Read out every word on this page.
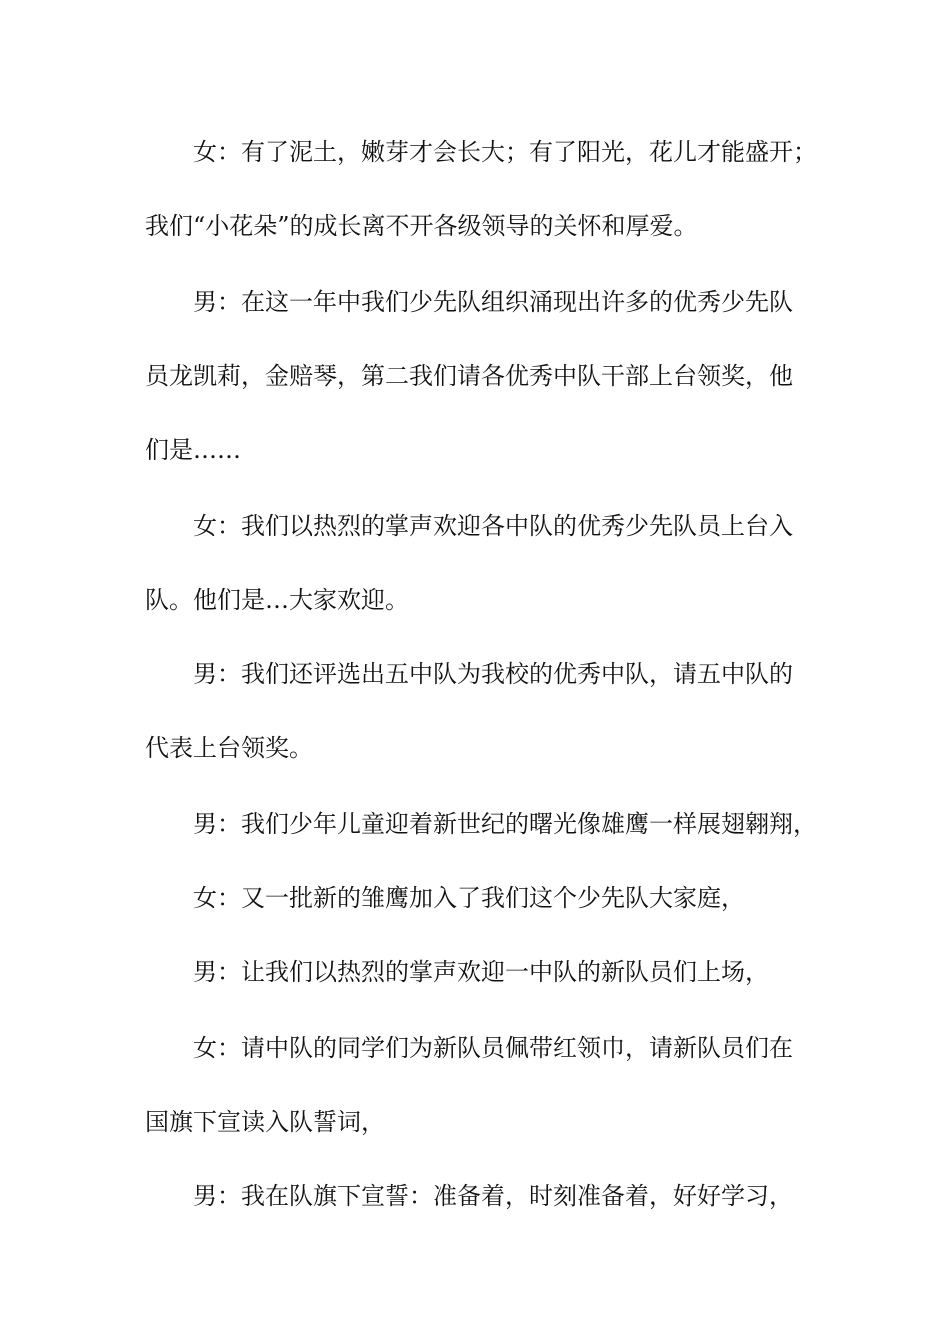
女：有了泥土，嫩芽才会长大；有了阳光，花儿才能盛开；
我们“小花朵”的成长离不开各级领导的关怀和厚爱。
男：在这一年中我们少先队组织涌现出许多的优秀少先队
员龙凯莉，金赔琴，第二我们请各优秀中队干部上台领奖，他
们是……
女：我们以热烈的掌声欢迎各中队的优秀少先队员上台入
队。他们是…大家欢迎。
男：我们还评选出五中队为我校的优秀中队，请五中队的
代表上台领奖。
男：我们少年儿童迎着新世纪的曙光像雄鹰一样展翅翱翔，
女：又一批新的雏鹰加入了我们这个少先队大家庭，
男：让我们以热烈的掌声欢迎一中队的新队员们上场，
女：请中队的同学们为新队员佩带红领巾，请新队员们在
国旗下宣读入队誓词，
男：我在队旗下宣誓：准备着，时刻准备着，好好学习，
